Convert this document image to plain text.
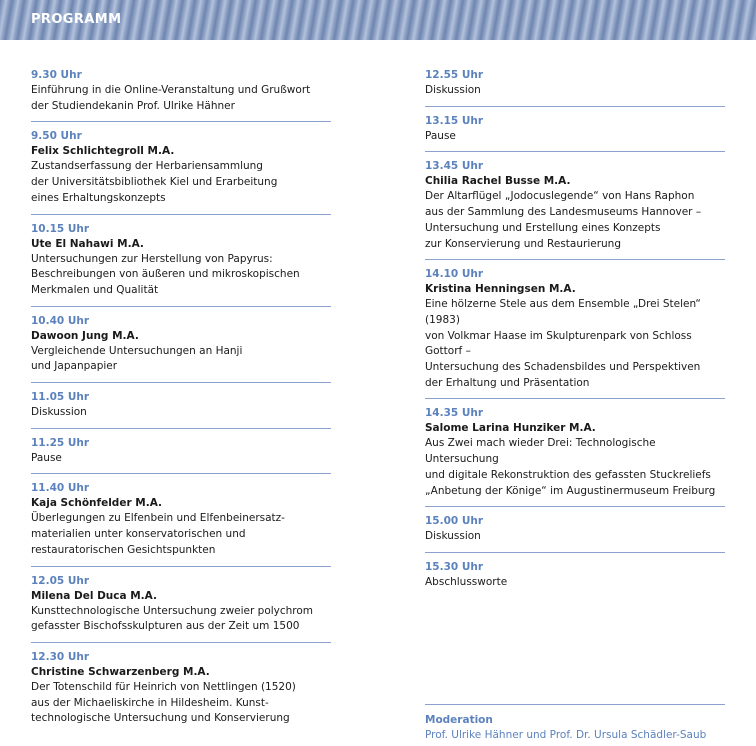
PROGRAMM
9.30 Uhr
Einführung in die Online-Veranstaltung und Grußwort
der Studiendekanin Prof. Ulrike Hähner
9.50 Uhr
Felix Schlichtegroll M.A.
Zustandserfassung der Herbariensammlung
der Universitätsbibliothek Kiel und Erarbeitung
eines Erhaltungskonzepts
10.15 Uhr
Ute El Nahawi M.A.
Untersuchungen zur Herstellung von Papyrus:
Beschreibungen von äußeren und mikroskopischen
Merkmalen und Qualität
10.40 Uhr
Dawoon Jung M.A.
Vergleichende Untersuchungen an Hanji
und Japanpapier
11.05 Uhr
Diskussion
11.25 Uhr
Pause
11.40 Uhr
Kaja Schönfelder M.A.
Überlegungen zu Elfenbein und Elfenbeinersatz-
materialien unter konservatorischen und
restauratorischen Gesichtspunkten
12.05 Uhr
Milena Del Duca M.A.
Kunsttechnologische Untersuchung zweier polychrom
gefasster Bischofsskulpturen aus der Zeit um 1500
12.30 Uhr
Christine Schwarzenberg M.A.
Der Totenschild für Heinrich von Nettlingen (1520)
aus der Michaeliskirche in Hildesheim. Kunst-
technologische Untersuchung und Konservierung
12.55 Uhr
Diskussion
13.15 Uhr
Pause
13.45 Uhr
Chilia Rachel Busse M.A.
Der Altarflügel „Jodocuslegende“ von Hans Raphon
aus der Sammlung des Landesmuseums Hannover –
Untersuchung und Erstellung eines Konzepts
zur Konservierung und Restaurierung
14.10 Uhr
Kristina Henningsen M.A.
Eine hölzerne Stele aus dem Ensemble „Drei Stelen“ (1983)
von Volkmar Haase im Skulpturenpark von Schloss Gottorf –
Untersuchung des Schadensbildes und Perspektiven
der Erhaltung und Präsentation
14.35 Uhr
Salome Larina Hunziker M.A.
Aus Zwei mach wieder Drei: Technologische Untersuchung
und digitale Rekonstruktion des gefassten Stuckreliefs
„Anbetung der Könige“ im Augustinermuseum Freiburg
15.00 Uhr
Diskussion
15.30 Uhr
Abschlussworte
Moderation
Prof. Ulrike Hähner und Prof. Dr. Ursula Schädler-Saub
